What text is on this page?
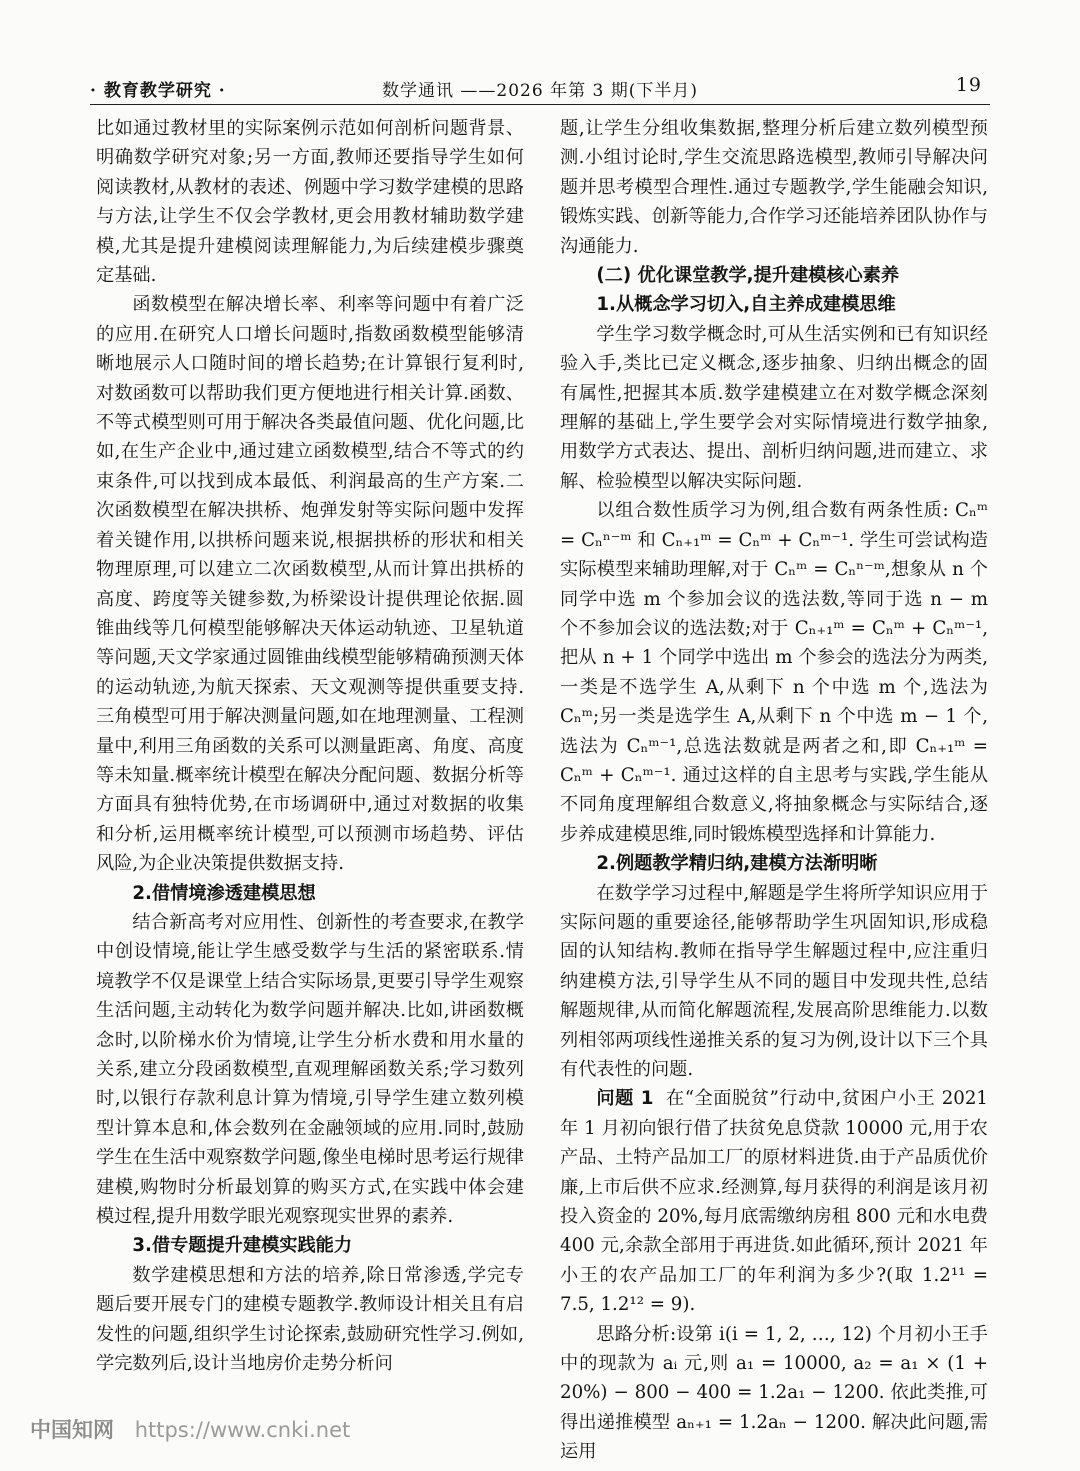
· 教育教学研究 ·	数学通讯 ——2026 年第 3 期(下半月)	19

比如通过教材里的实际案例示范如何剖析问题背景、明确数学研究对象;另一方面,教师还要指导学生如何阅读教材,从教材的表述、例题中学习数学建模的思路与方法,让学生不仅会学教材,更会用教材辅助数学建模,尤其是提升建模阅读理解能力,为后续建模步骤奠定基础.

函数模型在解决增长率、利率等问题中有着广泛的应用.在研究人口增长问题时,指数函数模型能够清晰地展示人口随时间的增长趋势;在计算银行复利时,对数函数可以帮助我们更方便地进行相关计算.函数、不等式模型则可用于解决各类最值问题、优化问题,比如,在生产企业中,通过建立函数模型,结合不等式的约束条件,可以找到成本最低、利润最高的生产方案.二次函数模型在解决拱桥、炮弹发射等实际问题中发挥着关键作用,以拱桥问题来说,根据拱桥的形状和相关物理原理,可以建立二次函数模型,从而计算出拱桥的高度、跨度等关键参数,为桥梁设计提供理论依据.圆锥曲线等几何模型能够解决天体运动轨迹、卫星轨道等问题,天文学家通过圆锥曲线模型能够精确预测天体的运动轨迹,为航天探索、天文观测等提供重要支持.三角模型可用于解决测量问题,如在地理测量、工程测量中,利用三角函数的关系可以测量距离、角度、高度等未知量.概率统计模型在解决分配问题、数据分析等方面具有独特优势,在市场调研中,通过对数据的收集和分析,运用概率统计模型,可以预测市场趋势、评估风险,为企业决策提供数据支持.

2.借情境渗透建模思想

结合新高考对应用性、创新性的考查要求,在教学中创设情境,能让学生感受数学与生活的紧密联系.情境教学不仅是课堂上结合实际场景,更要引导学生观察生活问题,主动转化为数学问题并解决.比如,讲函数概念时,以阶梯水价为情境,让学生分析水费和用水量的关系,建立分段函数模型,直观理解函数关系;学习数列时,以银行存款利息计算为情境,引导学生建立数列模型计算本息和,体会数列在金融领域的应用.同时,鼓励学生在生活中观察数学问题,像坐电梯时思考运行规律建模,购物时分析最划算的购买方式,在实践中体会建模过程,提升用数学眼光观察现实世界的素养.

3.借专题提升建模实践能力

数学建模思想和方法的培养,除日常渗透,学完专题后要开展专门的建模专题教学.教师设计相关且有启发性的问题,组织学生讨论探索,鼓励研究性学习.例如,学完数列后,设计当地房价走势分析问

题,让学生分组收集数据,整理分析后建立数列模型预测.小组讨论时,学生交流思路选模型,教师引导解决问题并思考模型合理性.通过专题教学,学生能融会知识,锻炼实践、创新等能力,合作学习还能培养团队协作与沟通能力.

(二) 优化课堂教学,提升建模核心素养
1.从概念学习切入,自主养成建模思维

学生学习数学概念时,可从生活实例和已有知识经验入手,类比已定义概念,逐步抽象、归纳出概念的固有属性,把握其本质.数学建模建立在对数学概念深刻理解的基础上,学生要学会对实际情境进行数学抽象,用数学方式表达、提出、剖析归纳问题,进而建立、求解、检验模型以解决实际问题.

以组合数性质学习为例,组合数有两条性质: Cₙᵐ = Cₙⁿ⁻ᵐ 和 Cₙ₊₁ᵐ = Cₙᵐ + Cₙᵐ⁻¹. 学生可尝试构造实际模型来辅助理解,对于 Cₙᵐ = Cₙⁿ⁻ᵐ,想象从 n 个同学中选 m 个参加会议的选法数,等同于选 n − m 个不参加会议的选法数;对于 Cₙ₊₁ᵐ = Cₙᵐ + Cₙᵐ⁻¹,把从 n + 1 个同学中选出 m 个参会的选法分为两类,一类是不选学生 A,从剩下 n 个中选 m 个,选法为 Cₙᵐ;另一类是选学生 A,从剩下 n 个中选 m − 1 个,选法为 Cₙᵐ⁻¹,总选法数就是两者之和,即 Cₙ₊₁ᵐ = Cₙᵐ + Cₙᵐ⁻¹. 通过这样的自主思考与实践,学生能从不同角度理解组合数意义,将抽象概念与实际结合,逐步养成建模思维,同时锻炼模型选择和计算能力.

2.例题教学精归纳,建模方法渐明晰

在数学学习过程中,解题是学生将所学知识应用于实际问题的重要途径,能够帮助学生巩固知识,形成稳固的认知结构.教师在指导学生解题过程中,应注重归纳建模方法,引导学生从不同的题目中发现共性,总结解题规律,从而简化解题流程,发展高阶思维能力.以数列相邻两项线性递推关系的复习为例,设计以下三个具有代表性的问题.

问题 1 在“全面脱贫”行动中,贫困户小王 2021 年 1 月初向银行借了扶贫免息贷款 10000 元,用于农产品、土特产品加工厂的原材料进货.由于产品质优价廉,上市后供不应求.经测算,每月获得的利润是该月初投入资金的 20%,每月底需缴纳房租 800 元和水电费 400 元,余款全部用于再进货.如此循环,预计 2021 年小王的农产品加工厂的年利润为多少?(取 1.2¹¹ = 7.5, 1.2¹² = 9).

思路分析:设第 i(i = 1, 2, …, 12) 个月初小王手中的现款为 aᵢ 元,则 a₁ = 10000, a₂ = a₁ × (1 + 20%) − 800 − 400 = 1.2a₁ − 1200. 依此类推,可得出递推模型 aₙ₊₁ = 1.2aₙ − 1200. 解决此问题,需运用

中国知网 https://www.cnki.net
